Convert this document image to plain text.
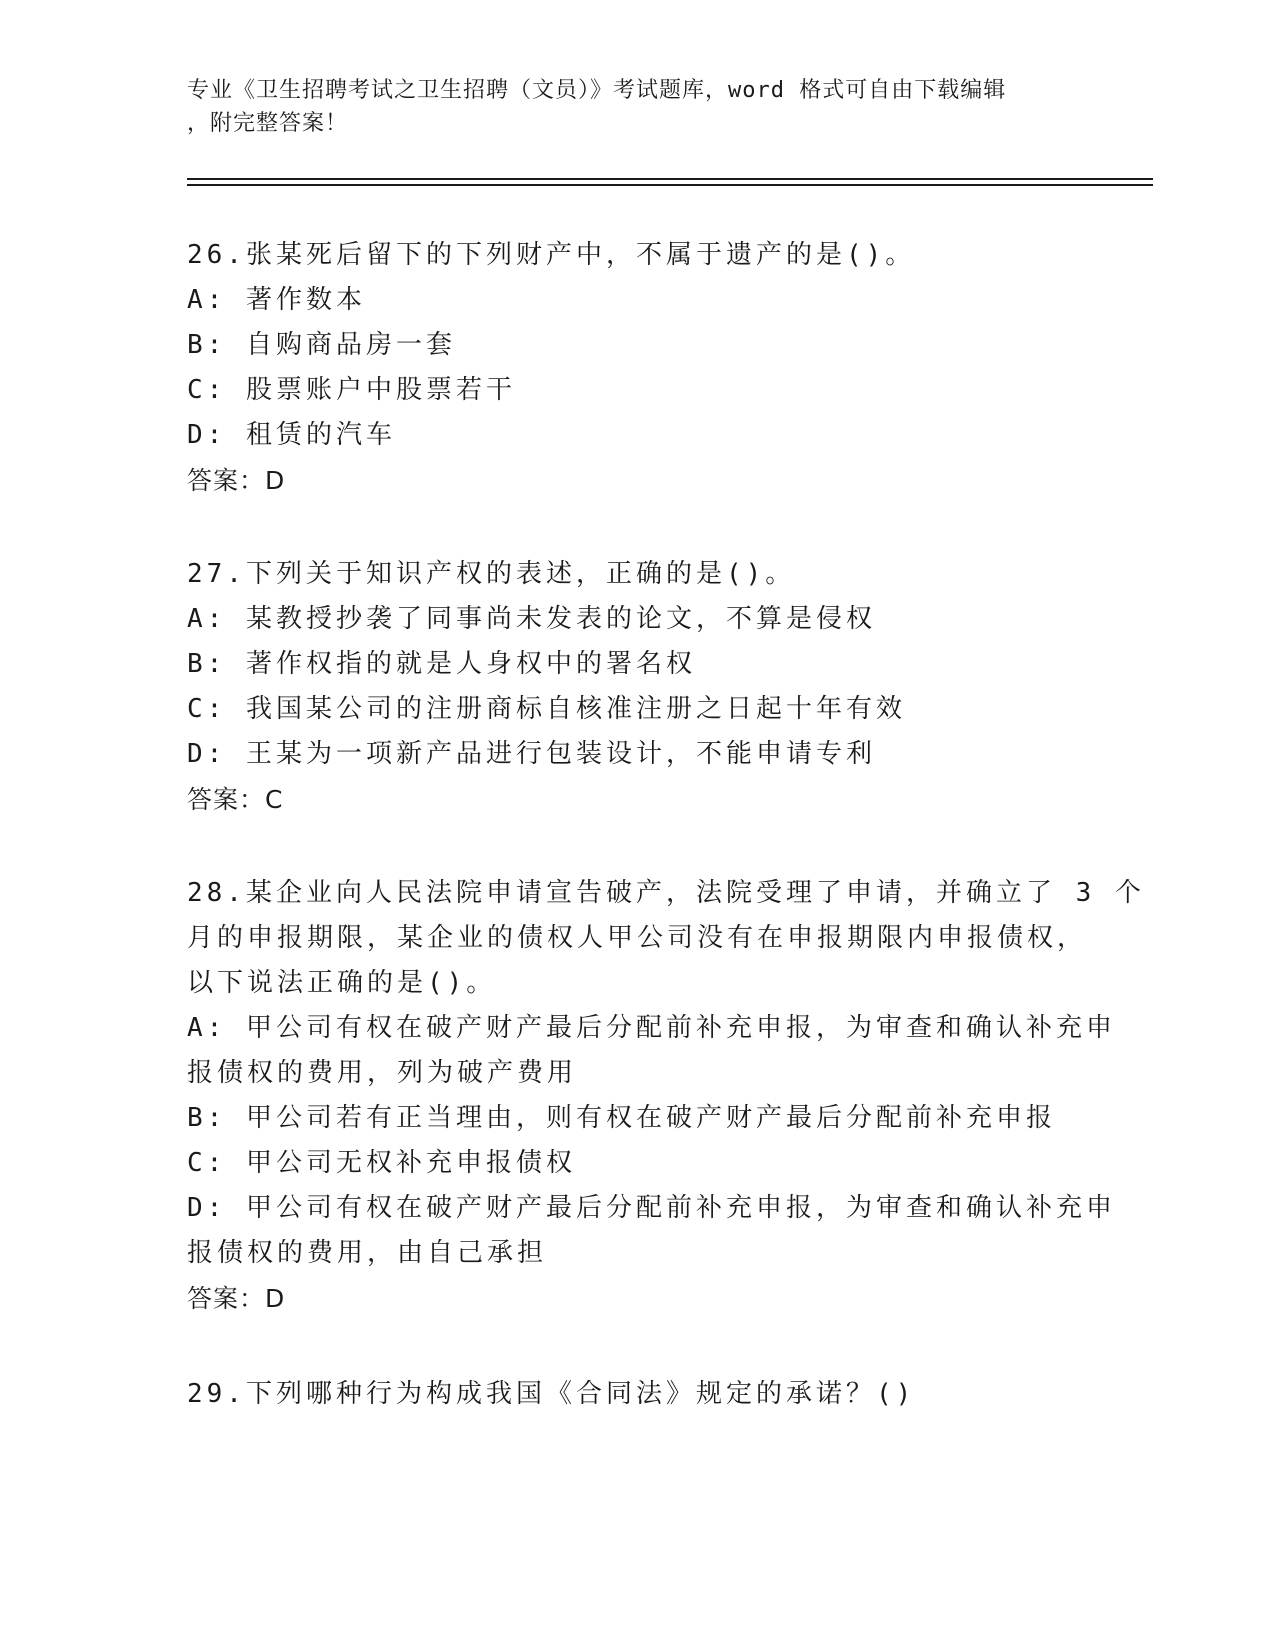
专业《卫生招聘考试之卫生招聘（文员）》考试题库，word 格式可自由下载编辑
，附完整答案！
26.张某死后留下的下列财产中，不属于遗产的是()。
A: 著作数本
B: 自购商品房一套
C: 股票账户中股票若干
D: 租赁的汽车
答案：D
27.下列关于知识产权的表述，正确的是()。
A: 某教授抄袭了同事尚未发表的论文，不算是侵权
B: 著作权指的就是人身权中的署名权
C: 我国某公司的注册商标自核准注册之日起十年有效
D: 王某为一项新产品进行包装设计，不能申请专利
答案：C
28.某企业向人民法院申请宣告破产，法院受理了申请，并确立了 3 个
月的申报期限，某企业的债权人甲公司没有在申报期限内申报债权，
以下说法正确的是()。
A: 甲公司有权在破产财产最后分配前补充申报，为审查和确认补充申
报债权的费用，列为破产费用
B: 甲公司若有正当理由，则有权在破产财产最后分配前补充申报
C: 甲公司无权补充申报债权
D: 甲公司有权在破产财产最后分配前补充申报，为审查和确认补充申
报债权的费用，由自己承担
答案：D
29.下列哪种行为构成我国《合同法》规定的承诺？()
